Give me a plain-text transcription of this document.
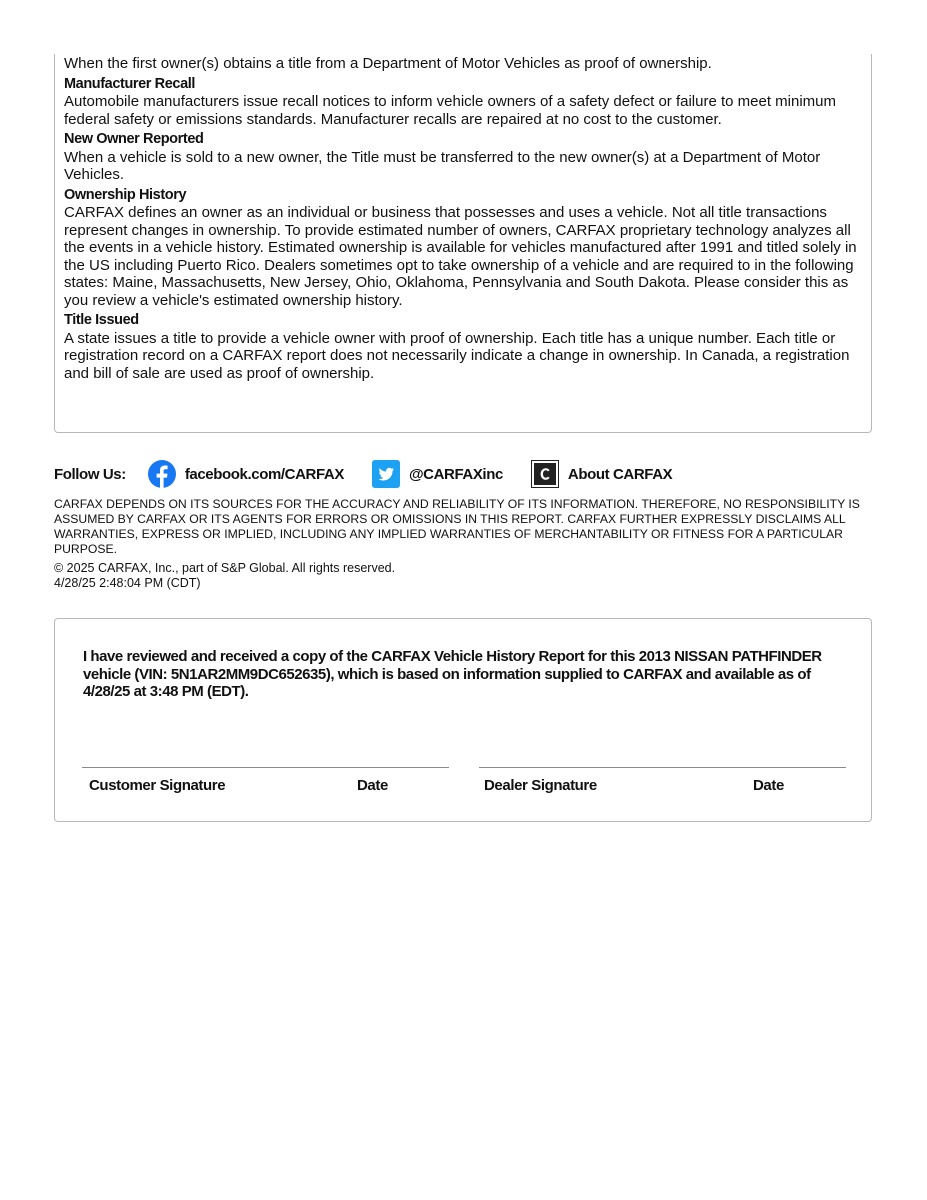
When the first owner(s) obtains a title from a Department of Motor Vehicles as proof of ownership.

Manufacturer Recall

Automobile manufacturers issue recall notices to inform vehicle owners of a safety defect or failure to meet minimum federal safety or emissions standards. Manufacturer recalls are repaired at no cost to the customer.

New Owner Reported

When a vehicle is sold to a new owner, the Title must be transferred to the new owner(s) at a Department of Motor Vehicles.

Ownership History

CARFAX defines an owner as an individual or business that possesses and uses a vehicle. Not all title transactions represent changes in ownership. To provide estimated number of owners, CARFAX proprietary technology analyzes all the events in a vehicle history. Estimated ownership is available for vehicles manufactured after 1991 and titled solely in the US including Puerto Rico. Dealers sometimes opt to take ownership of a vehicle and are required to in the following states: Maine, Massachusetts, New Jersey, Ohio, Oklahoma, Pennsylvania and South Dakota. Please consider this as you review a vehicle's estimated ownership history.

Title Issued

A state issues a title to provide a vehicle owner with proof of ownership. Each title has a unique number. Each title or registration record on a CARFAX report does not necessarily indicate a change in ownership. In Canada, a registration and bill of sale are used as proof of ownership.

Follow Us:	facebook.com/CARFAX	@CARFAXinc	About CARFAX

CARFAX DEPENDS ON ITS SOURCES FOR THE ACCURACY AND RELIABILITY OF ITS INFORMATION. THEREFORE, NO RESPONSIBILITY IS ASSUMED BY CARFAX OR ITS AGENTS FOR ERRORS OR OMISSIONS IN THIS REPORT. CARFAX FURTHER EXPRESSLY DISCLAIMS ALL WARRANTIES, EXPRESS OR IMPLIED, INCLUDING ANY IMPLIED WARRANTIES OF MERCHANTABILITY OR FITNESS FOR A PARTICULAR PURPOSE.

© 2025 CARFAX, Inc., part of S&P Global. All rights reserved.
4/28/25 2:48:04 PM (CDT)

I have reviewed and received a copy of the CARFAX Vehicle History Report for this 2013 NISSAN PATHFINDER vehicle (VIN: 5N1AR2MM9DC652635), which is based on information supplied to CARFAX and available as of 4/28/25 at 3:48 PM (EDT).

Customer Signature	Date	Dealer Signature	Date
